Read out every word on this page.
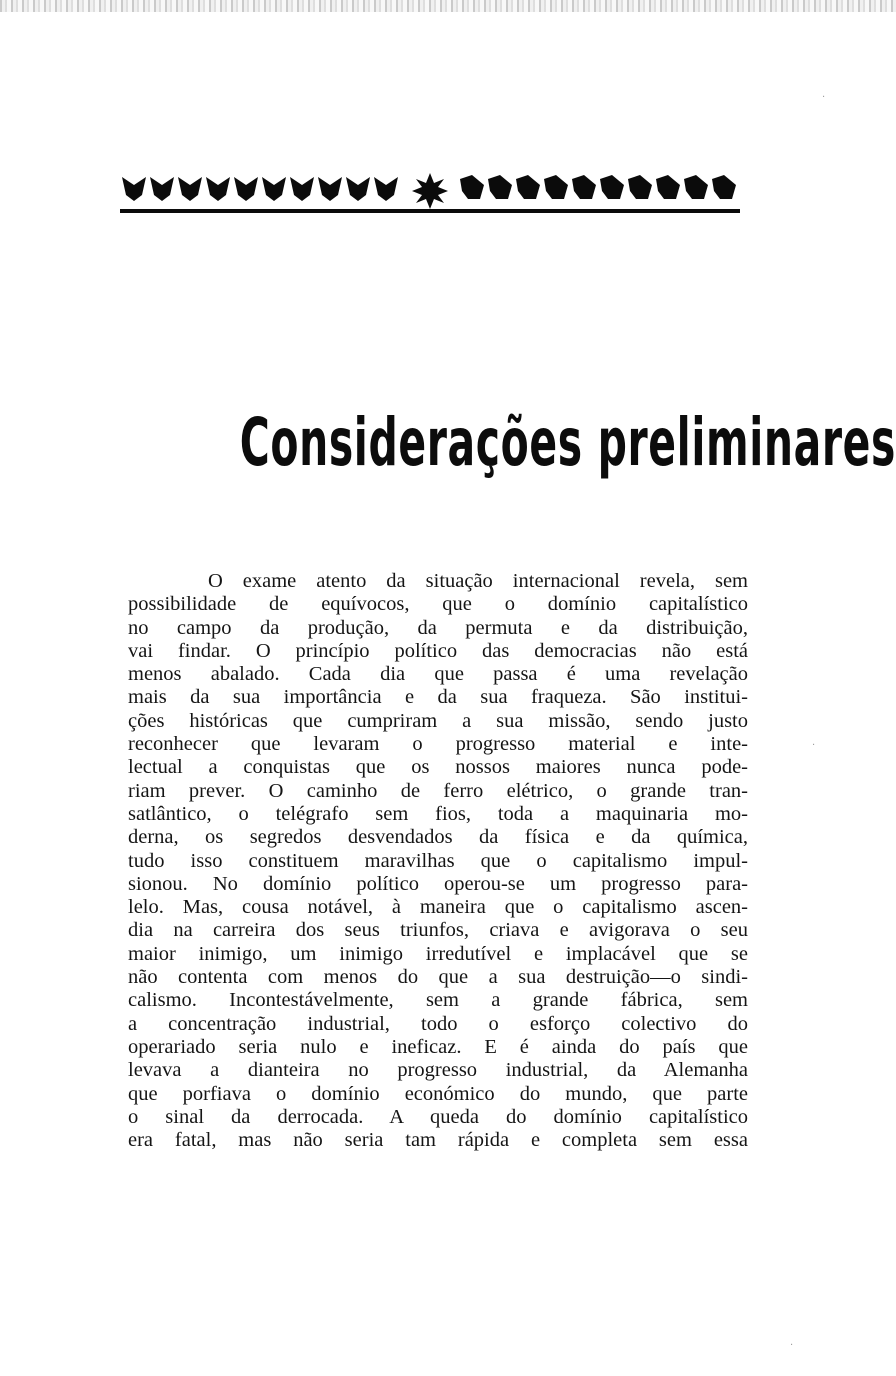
Considerações preliminares
O exame atento da situação internacional revela, sem
possibilidade de equívocos, que o domínio capitalístico
no campo da produção, da permuta e da distribuição,
vai findar. O princípio político das democracias não está
menos abalado. Cada dia que passa é uma revelação
mais da sua importância e da sua fraqueza. São institui-
ções históricas que cumpriram a sua missão, sendo justo
reconhecer que levaram o progresso material e inte-
lectual a conquistas que os nossos maiores nunca pode-
riam prever. O caminho de ferro elétrico, o grande tran-
satlântico, o telégrafo sem fios, toda a maquinaria mo-
derna, os segredos desvendados da física e da química,
tudo isso constituem maravilhas que o capitalismo impul-
sionou. No domínio político operou-se um progresso para-
lelo. Mas, cousa notável, à maneira que o capitalismo ascen-
dia na carreira dos seus triunfos, criava e avigorava o seu
maior inimigo, um inimigo irredutível e implacável que se
não contenta com menos do que a sua destruição—o sindi-
calismo. Incontestávelmente, sem a grande fábrica, sem
a concentração industrial, todo o esforço colectivo do
operariado seria nulo e ineficaz. E é ainda do país que
levava a dianteira no progresso industrial, da Alemanha
que porfiava o domínio económico do mundo, que parte
o sinal da derrocada. A queda do domínio capitalístico
era fatal, mas não seria tam rápida e completa sem essa
·
·
·
